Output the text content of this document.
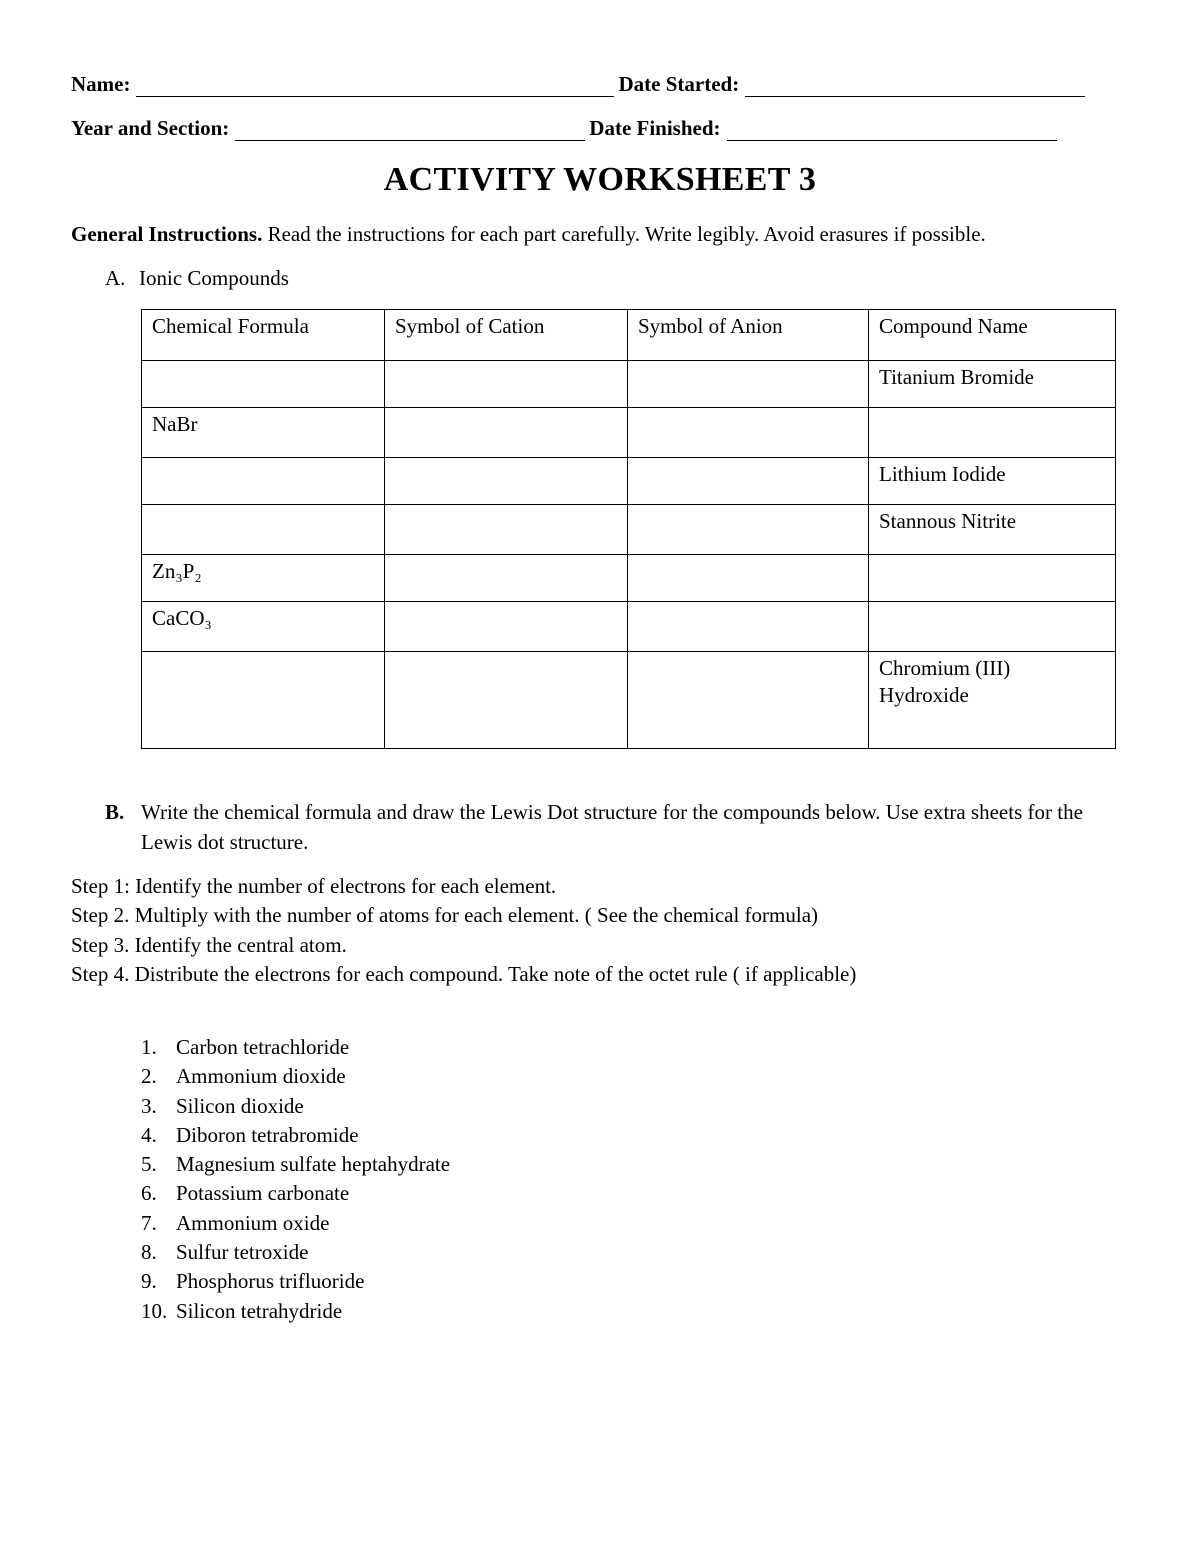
Name:	Date Started:
Year and Section:	Date Finished:
ACTIVITY WORKSHEET 3
General Instructions. Read the instructions for each part carefully. Write legibly. Avoid erasures if possible.
A. Ionic Compounds
Chemical Formula	Symbol of Cation	Symbol of Anion	Compound Name
			Titanium Bromide
NaBr			
			Lithium Iodide
			Stannous Nitrite
Zn₃P₂			
CaCO₃			
			Chromium (III) Hydroxide
B. Write the chemical formula and draw the Lewis Dot structure for the compounds below. Use extra sheets for the Lewis dot structure.
Step 1: Identify the number of electrons for each element.
Step 2. Multiply with the number of atoms for each element. ( See the chemical formula)
Step 3. Identify the central atom.
Step 4. Distribute the electrons for each compound. Take note of the octet rule ( if applicable)
1. Carbon tetrachloride
2. Ammonium dioxide
3. Silicon dioxide
4. Diboron tetrabromide
5. Magnesium sulfate heptahydrate
6. Potassium carbonate
7. Ammonium oxide
8. Sulfur tetroxide
9. Phosphorus trifluoride
10. Silicon tetrahydride
